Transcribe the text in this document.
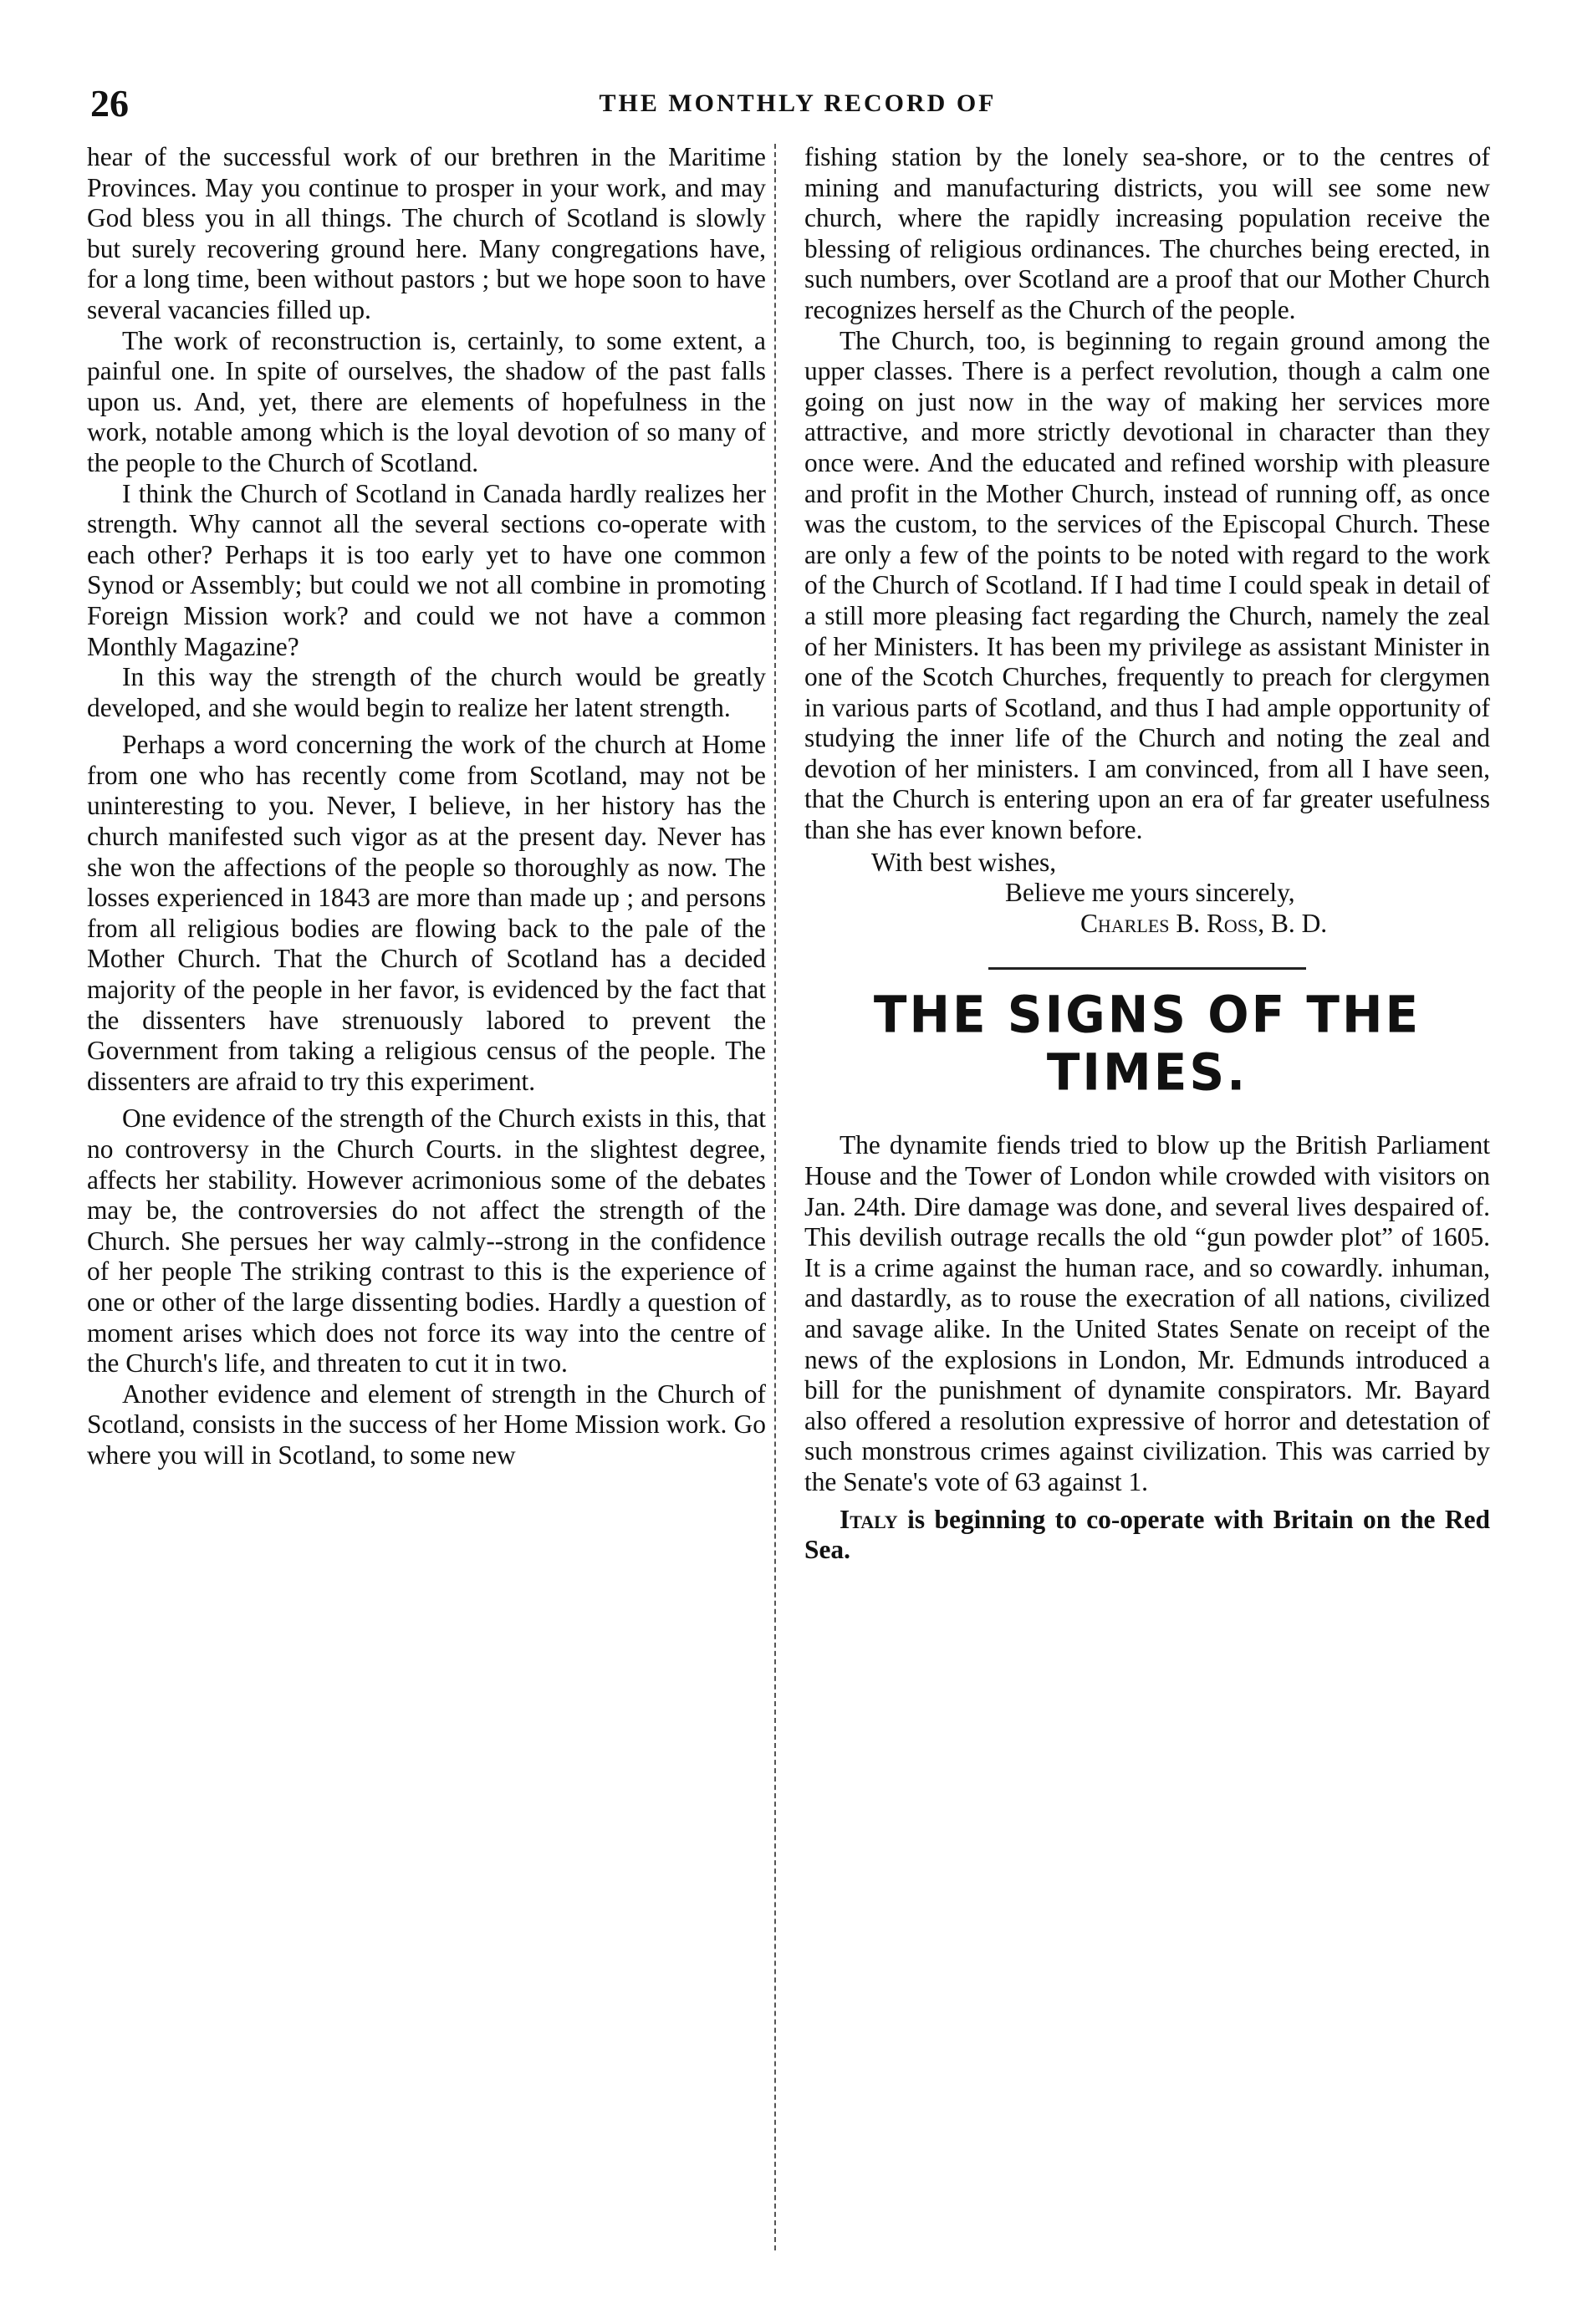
26	THE MONTHLY RECORD OF

hear of the successful work of our brethren in the Maritime Provinces. May you continue to prosper in your work, and may God bless you in all things. The church of Scotland is slowly but surely recovering ground here. Many congregations have, for a long time, been without pastors ; but we hope soon to have several vacancies filled up.

The work of reconstruction is, certainly, to some extent, a painful one. In spite of ourselves, the shadow of the past falls upon us. And, yet, there are elements of hopefulness in the work, notable among which is the loyal devotion of so many of the people to the Church of Scotland.

I think the Church of Scotland in Canada hardly realizes her strength. Why cannot all the several sections co-operate with each other? Perhaps it is too early yet to have one common Synod or Assembly; but could we not all combine in promoting Foreign Mission work? and could we not have a common Monthly Magazine?

In this way the strength of the church would be greatly developed, and she would begin to realize her latent strength.

Perhaps a word concerning the work of the church at Home from one who has recently come from Scotland, may not be uninteresting to you. Never, I believe, in her history has the church manifested such vigor as at the present day. Never has she won the affections of the people so thoroughly as now. The losses experienced in 1843 are more than made up ; and persons from all religious bodies are flowing back to the pale of the Mother Church. That the Church of Scotland has a decided majority of the people in her favor, is evidenced by the fact that the dissenters have strenuously labored to prevent the Government from taking a religious census of the people. The dissenters are afraid to try this experiment.

One evidence of the strength of the Church exists in this, that no controversy in the Church Courts. in the slightest degree, affects her stability. However acrimonious some of the debates may be, the controversies do not affect the strength of the Church. She persues her way calmly--strong in the confidence of her people The striking contrast to this is the experience of one or other of the large dissenting bodies. Hardly a question of moment arises which does not force its way into the centre of the Church's life, and threaten to cut it in two.

Another evidence and element of strength in the Church of Scotland, consists in the success of her Home Mission work. Go where you will in Scotland, to some new

fishing station by the lonely sea-shore, or to the centres of mining and manufacturing districts, you will see some new church, where the rapidly increasing population receive the blessing of religious ordinances. The churches being erected, in such numbers, over Scotland are a proof that our Mother Church recognizes herself as the Church of the people.

The Church, too, is beginning to regain ground among the upper classes. There is a perfect revolution, though a calm one going on just now in the way of making her services more attractive, and more strictly devotional in character than they once were. And the educated and refined worship with pleasure and profit in the Mother Church, instead of running off, as once was the custom, to the services of the Episcopal Church. These are only a few of the points to be noted with regard to the work of the Church of Scotland. If I had time I could speak in detail of a still more pleasing fact regarding the Church, namely the zeal of her Ministers. It has been my privilege as assistant Minister in one of the Scotch Churches, frequently to preach for clergymen in various parts of Scotland, and thus I had ample opportunity of studying the inner life of the Church and noting the zeal and devotion of her ministers. I am convinced, from all I have seen, that the Church is entering upon an era of far greater usefulness than she has ever known before.

With best wishes,
Believe me yours sincerely,
Charles B. Ross, B. D.
THE SIGNS OF THE TIMES.

The dynamite fiends tried to blow up the British Parliament House and the Tower of London while crowded with visitors on Jan. 24th. Dire damage was done, and several lives despaired of. This devilish outrage recalls the old “gun powder plot” of 1605. It is a crime against the human race, and so cowardly. inhuman, and dastardly, as to rouse the execration of all nations, civilized and savage alike. In the United States Senate on receipt of the news of the explosions in London, Mr. Edmunds introduced a bill for the punishment of dynamite conspirators. Mr. Bayard also offered a resolution expressive of horror and detestation of such monstrous crimes against civilization. This was carried by the Senate's vote of 63 against 1.

Italy is beginning to co-operate with Britain on the Red Sea.
